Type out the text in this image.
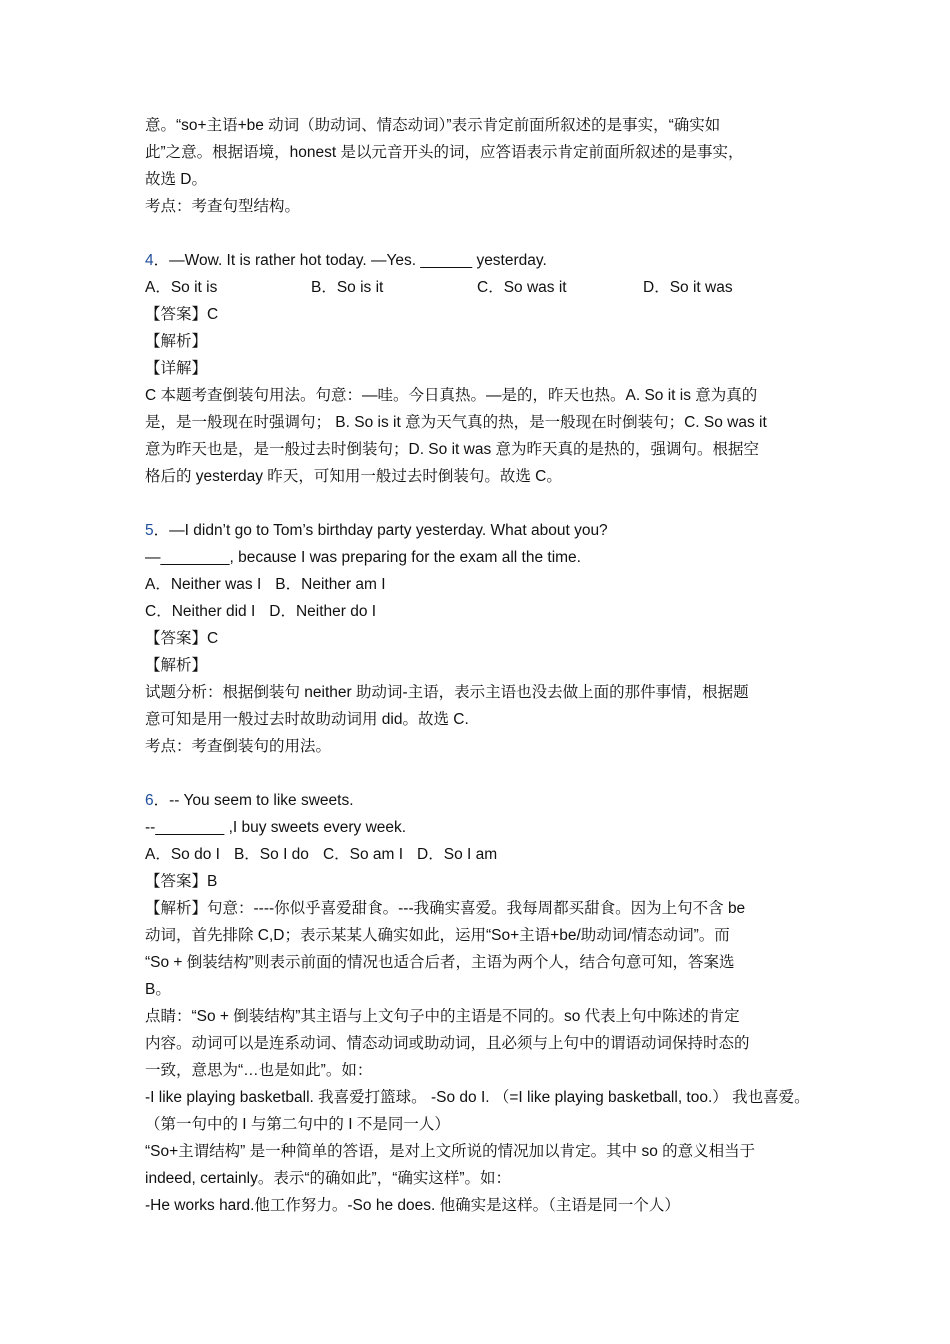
意。“so+主语+be 动词（助动词、情态动词）”表示肯定前面所叙述的是事实，“确实如
此”之意。根据语境，honest 是以元音开头的词，应答语表示肯定前面所叙述的是事实，
故选 D。
考点：考查句型结构。
4．—Wow. It is rather hot today. —Yes. ______ yesterday.
A．So it is	B．So is it	C．So was it	D．So it was
【答案】C
【解析】
【详解】
C 本题考查倒装句用法。句意：—哇。今日真热。—是的，昨天也热。A. So it is 意为真的
是，是一般现在时强调句； B. So is it 意为天气真的热，是一般现在时倒装句；C. So was it
意为昨天也是，是一般过去时倒装句；D. So it was 意为昨天真的是热的，强调句。根据空
格后的 yesterday 昨天，可知用一般过去时倒装句。故选 C。
5．—I didn’t go to Tom’s birthday party yesterday. What about you?
—________, because I was preparing for the exam all the time.
A．Neither was I B．Neither am I
C．Neither did I D．Neither do I
【答案】C
【解析】
试题分析：根据倒装句 neither 助动词-主语，表示主语也没去做上面的那件事情，根据题
意可知是用一般过去时故助动词用 did。故选 C.
考点：考查倒装句的用法。
6．-- You seem to like sweets.
--________ ,I buy sweets every week.
A．So do I B．So I do C．So am I D．So I am
【答案】B
【解析】句意：----你似乎喜爱甜食。---我确实喜爱。我每周都买甜食。因为上句不含 be
动词，首先排除 C,D；表示某某人确实如此，运用“So+主语+be/助动词/情态动词”。而
“So + 倒装结构”则表示前面的情况也适合后者，主语为两个人，结合句意可知，答案选
B。
点睛：“So + 倒装结构”其主语与上文句子中的主语是不同的。so 代表上句中陈述的肯定
内容。动词可以是连系动词、情态动词或助动词，且必须与上句中的谓语动词保持时态的
一致，意思为“…也是如此”。如：
-I like playing basketball. 我喜爱打篮球。 -So do I. （=I like playing basketball, too.） 我也喜爱。
（第一句中的 I 与第二句中的 I 不是同一人）
“So+主谓结构” 是一种简单的答语，是对上文所说的情况加以肯定。其中 so 的意义相当于
indeed, certainly。表示“的确如此”，“确实这样”。如：
-He works hard.他工作努力。-So he does. 他确实是这样。（主语是同一个人）
